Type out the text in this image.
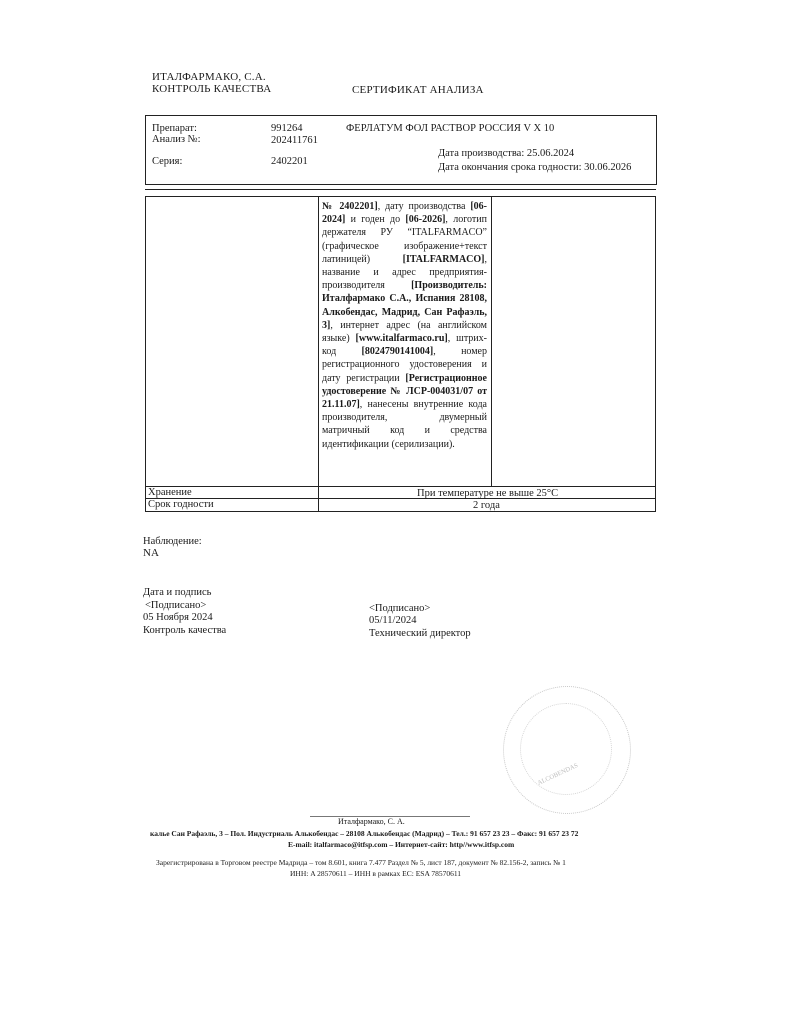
ИТАЛФАРМАКО, С.А.
КОНТРОЛЬ КАЧЕСТВА	СЕРТИФИКАТ АНАЛИЗА
Препарат:	991264	ФЕРЛАТУМ ФОЛ РАСТВОР РОССИЯ V X 10
Анализ №:	202411761
Дата производства: 25.06.2024
Серия:	2402201
Дата окончания срока годности: 30.06.2026
№ 2402201], дату производства [06-2024] и годен до [06-2026], логотип держателя РУ “ITALFARMACO” (графическое изображение+текст латиницей) [ITALFARMACO], название и адрес предприятия-производителя [Производитель: Италфармако С.А., Испания 28108, Алкобендас, Мадрид, Сан Рафаэль, 3], интернет адрес (на английском языке) [www.italfarmaco.ru], штрих-код [8024790141004], номер регистрационного удостоверения и дату регистрации [Регистрационное удостоверение № ЛСР-004031/07 от 21.11.07], нанесены внутренние кода производителя, двумерный матричный код и средства идентификации (серилизации).
Хранение	При температуре не выше 25°C
Срок годности	2 года
Наблюдение:
NA
Дата и подпись
<Подписано>
05 Ноября 2024
Контроль качества
<Подписано>
05/11/2024
Технический директор
ALCOBENDAS
Италфармако, С. А.
калье Сан Рафаэль, 3 – Пол. Индустриаль Алькобендас – 28108 Алькобендас (Мадрид) – Тел.: 91 657 23 23 – Факс: 91 657 23 72
E-mail: italfarmaco@itfsp.com – Интернет-сайт: http//www.itfsp.com
Зарегистрирована в Торговом реестре Мадрида – том 8.601, книга 7.477 Раздел № 5, лист 187, документ № 82.156-2, запись № 1
ИНН: A 28570611 – ИНН в рамках ЕС: ESA 78570611
